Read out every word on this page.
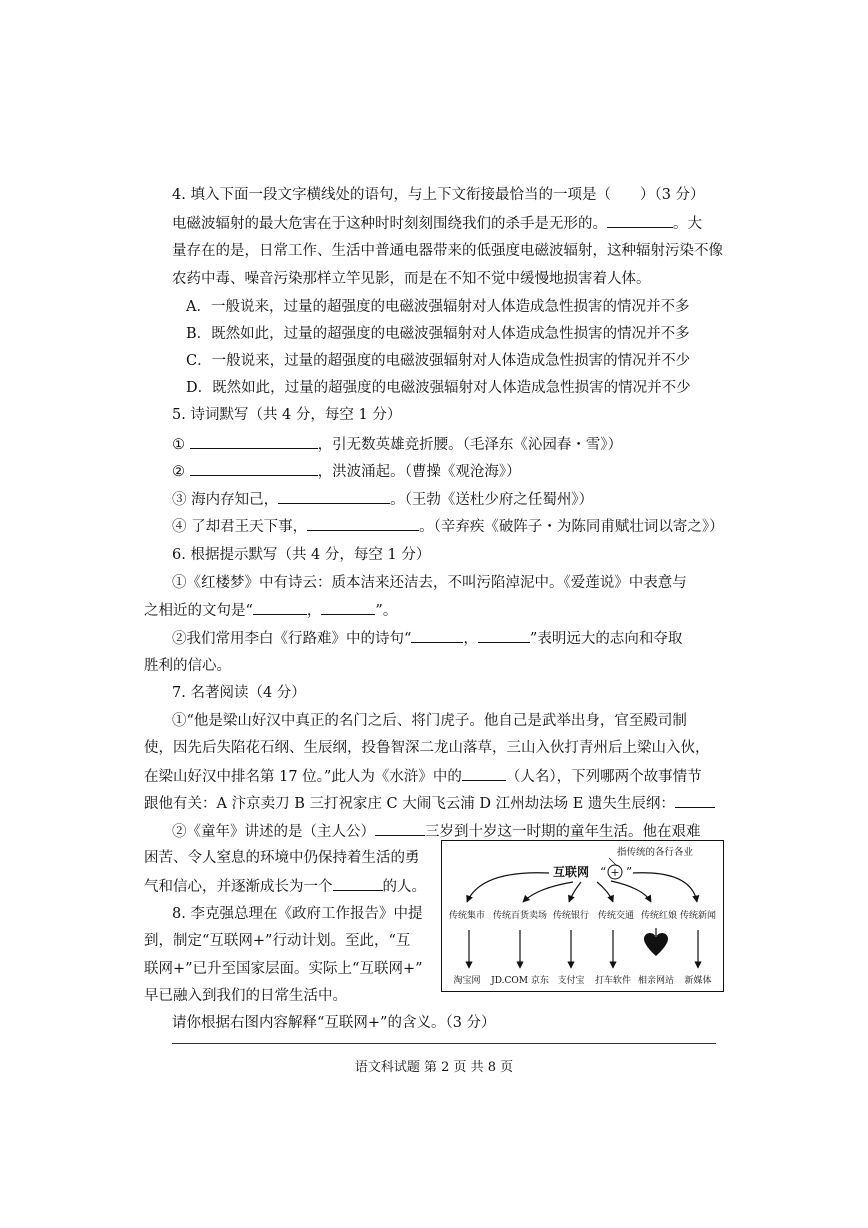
4. 填入下面一段文字横线处的语句，与上下文衔接最恰当的一项是（　　）（3 分）
电磁波辐射的最大危害在于这种时时刻刻围绕我们的杀手是无形的。	。大
量存在的是，日常工作、生活中普通电器带来的低强度电磁波辐射，这种辐射污染不像
农药中毒、噪音污染那样立竿见影，而是在不知不觉中缓慢地损害着人体。
A．一般说来，过量的超强度的电磁波强辐射对人体造成急性损害的情况并不多
B．既然如此，过量的超强度的电磁波强辐射对人体造成急性损害的情况并不多
C．一般说来，过量的超强度的电磁波强辐射对人体造成急性损害的情况并不少
D．既然如此，过量的超强度的电磁波强辐射对人体造成急性损害的情况并不少
5. 诗词默写（共 4 分，每空 1 分）
①	，引无数英雄竞折腰。（毛泽东《沁园春・雪》）
②	，洪波涌起。（曹操《观沧海》）
③ 海内存知己，	。（王勃《送杜少府之任蜀州》）
④ 了却君王天下事，	。（辛弃疾《破阵子・为陈同甫赋壮词以寄之》）
6. 根据提示默写（共 4 分，每空 1 分）
①《红楼梦》中有诗云：质本洁来还洁去，不叫污陷淖泥中。《爱莲说》中表意与
之相近的文句是“	，	”。
②我们常用李白《行路难》中的诗句“	，	”表明远大的志向和夺取
胜利的信心。
7. 名著阅读（4 分）
①“他是梁山好汉中真正的名门之后、将门虎子。他自己是武举出身，官至殿司制
使，因先后失陷花石纲、生辰纲，投鲁智深二龙山落草，三山入伙打青州后上梁山入伙，
在梁山好汉中排名第 17 位。”此人为《水浒》中的	（人名），下列哪两个故事情节
跟他有关：A 汴京卖刀 B 三打祝家庄 C 大闹飞云浦 D 江州劫法场 E 遗失生辰纲：
②《童年》讲述的是（主人公）	三岁到十岁这一时期的童年生活。他在艰难
困苦、令人窒息的环境中仍保持着生活的勇
气和信心，并逐渐成长为一个	的人。
8. 李克强总理在《政府工作报告》中提
到，制定“互联网+”行动计划。至此，“互
联网+”已升至国家层面。实际上“互联网+”
早已融入到我们的日常生活中。
请你根据右图内容解释“互联网+”的含义。（3 分）
指传统的各行各业
互联网 “ + ”
传统集市 传统百货卖场 传统银行 传统交通 传统红娘 传统新闻
淘宝网 JD.COM 京东 支付宝 打车软件 相亲网站 新媒体
语文科试题 第 2 页 共 8 页
